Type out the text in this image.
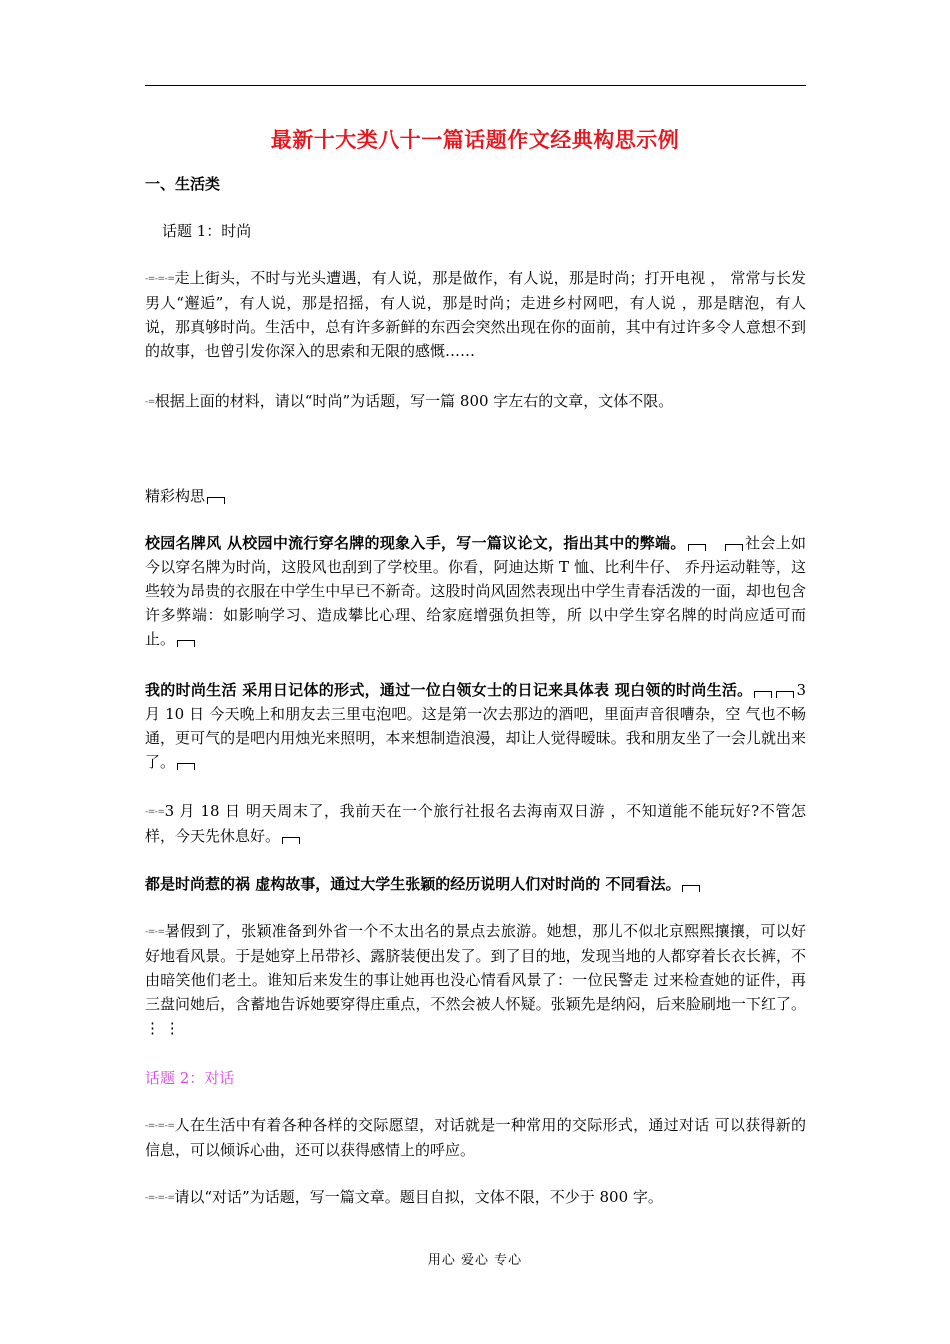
最新十大类八十一篇话题作文经典构思示例
一、生活类
话题 1：时尚
-=-=-=走上街头，不时与光头遭遇，有人说，那是做作，有人说，那是时尚；打开电视 ， 常常与长发男人“邂逅”，有人说，那是招摇，有人说，那是时尚；走进乡村网吧，有人说 ，那是瞎泡，有人说，那真够时尚。生活中，总有许多新鲜的东西会突然出现在你的面前，其中有过许多令人意想不到的故事，也曾引发你深入的思索和无限的感慨……
-=根据上面的材料，请以“时尚”为话题，写一篇 800 字左右的文章，文体不限。
精彩构思
校园名牌风 从校园中流行穿名牌的现象入手，写一篇议论文，指出其中的弊端。	社会上如今以穿名牌为时尚，这股风也刮到了学校里。你看，阿迪达斯 T 恤、比利牛仔、 乔丹运动鞋等，这些较为昂贵的衣服在中学生中早已不新奇。这股时尚风固然表现出中学生青春活泼的一面，却也包含许多弊端：如影响学习、造成攀比心理、给家庭增强负担等，所 以中学生穿名牌的时尚应适可而止。
我的时尚生活 采用日记体的形式，通过一位白领女士的日记来具体表 现白领的时尚生活。	3 月 10 日 今天晚上和朋友去三里屯泡吧。这是第一次去那边的酒吧，里面声音很嘈杂，空 气也不畅通，更可气的是吧内用烛光来照明，本来想制造浪漫，却让人觉得暧昧。我和朋友坐了一会儿就出来了。
-=-=3 月 18 日 明天周末了，我前天在一个旅行社报名去海南双日游 ，不知道能不能玩好?不管怎样，今天先休息好。
都是时尚惹的祸 虚构故事，通过大学生张颖的经历说明人们对时尚的 不同看法。
-=-=暑假到了，张颖准备到外省一个不太出名的景点去旅游。她想，那儿不似北京熙熙攘攘，可以好好地看风景。于是她穿上吊带衫、露脐装便出发了。到了目的地，发现当地的人都穿着长衣长裤，不由暗笑他们老土。谁知后来发生的事让她再也没心情看风景了：一位民警走 过来检查她的证件，再三盘问她后，含蓄地告诉她要穿得庄重点，不然会被人怀疑。张颖先是纳闷，后来脸刷地一下红了。 ⋮ ⋮
话题 2：对话
-=-=-=人在生活中有着各种各样的交际愿望，对话就是一种常用的交际形式，通过对话 可以获得新的信息，可以倾诉心曲，还可以获得感情上的呼应。
-=-=-=请以“对话”为话题，写一篇文章。题目自拟，文体不限，不少于 800 字。
用心 爱心 专心
